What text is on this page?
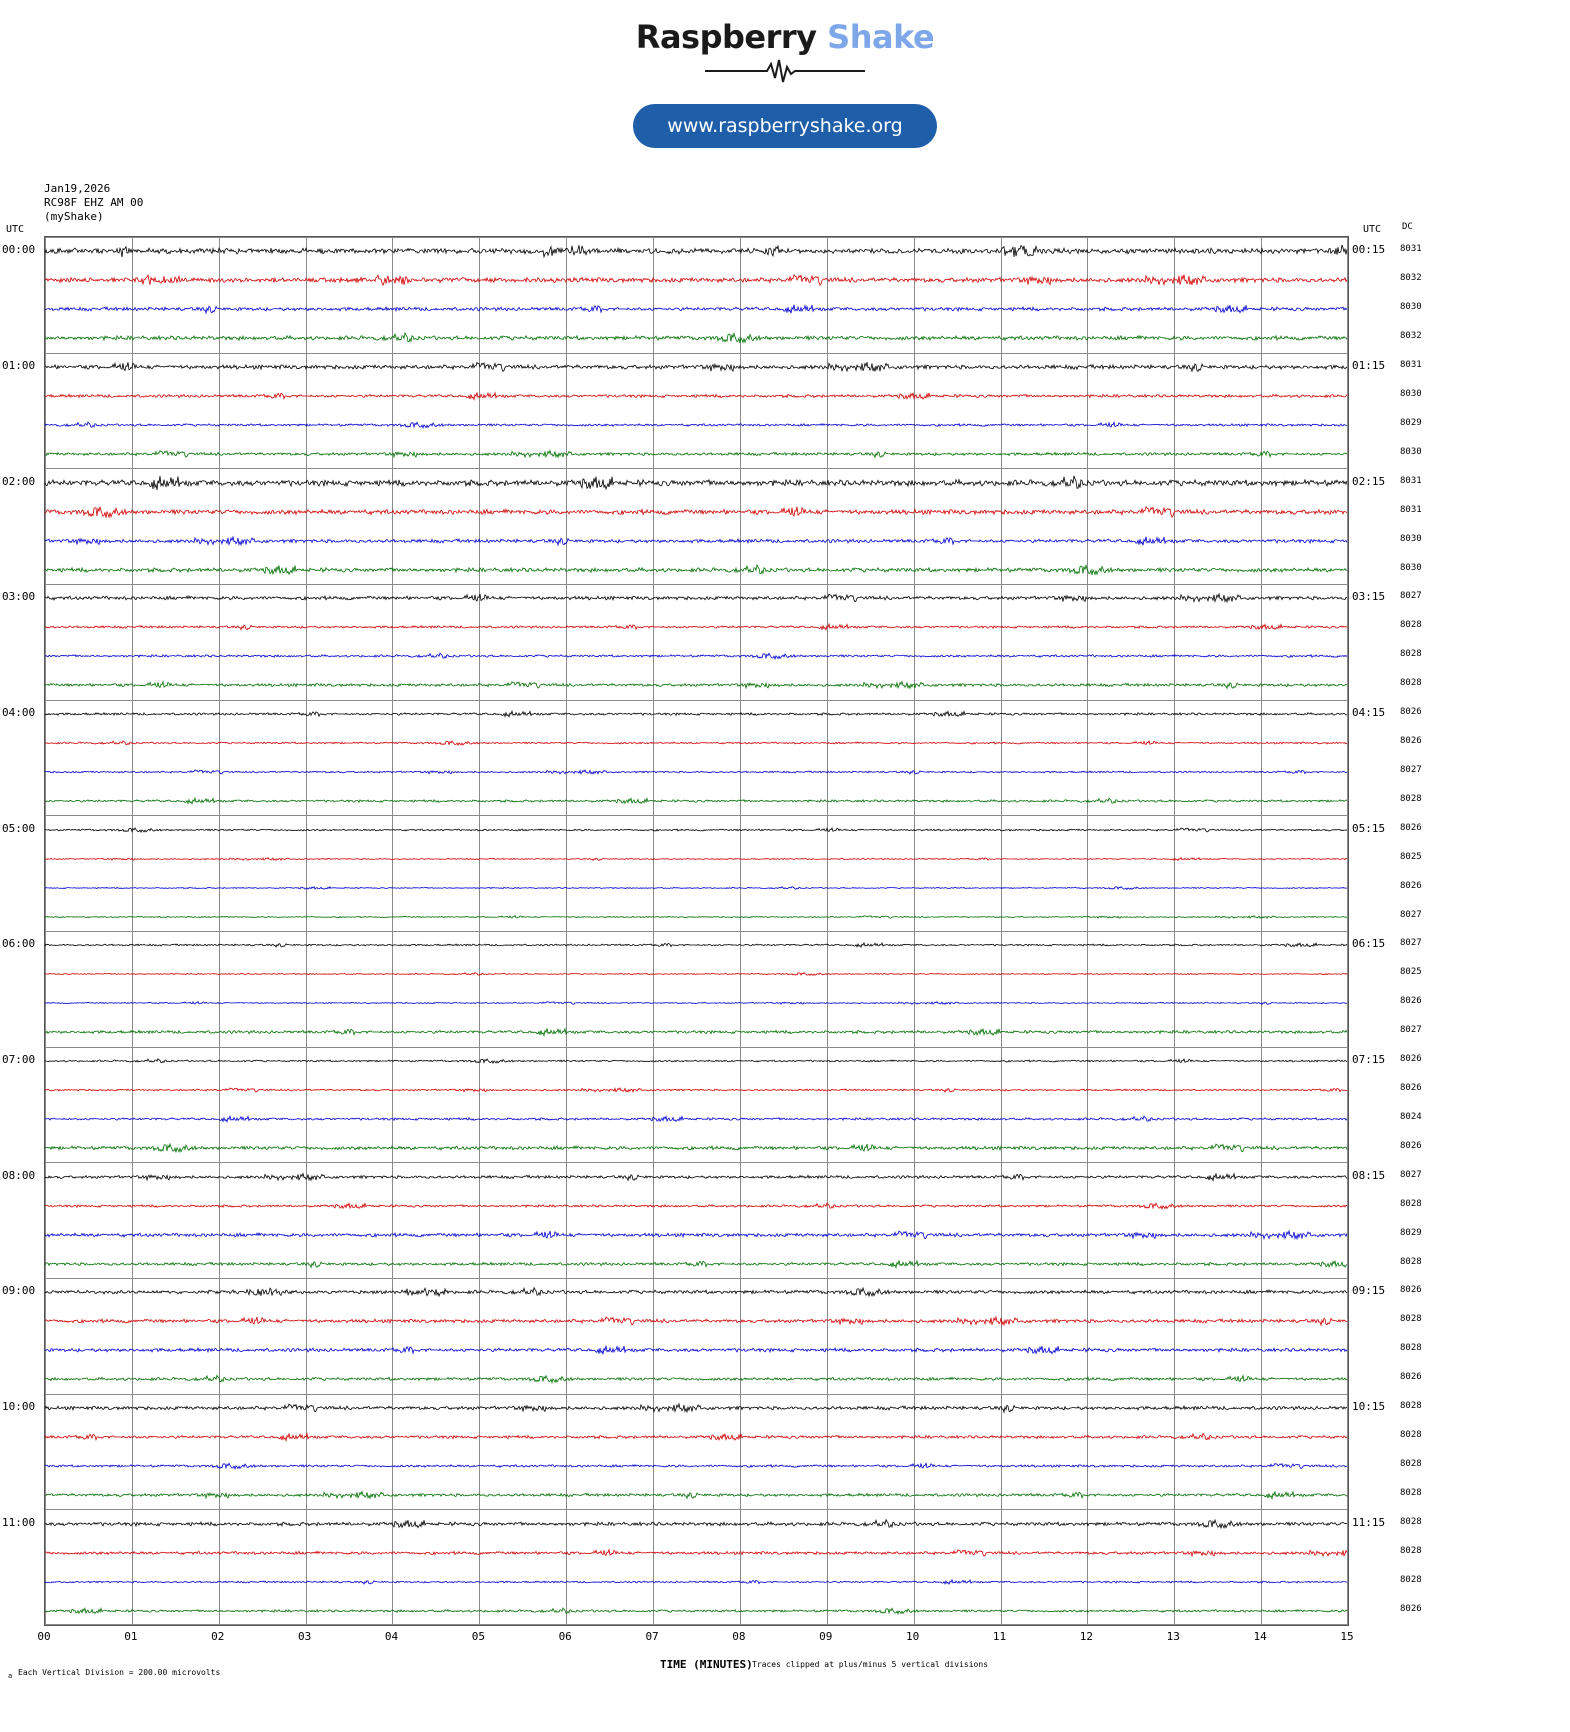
Raspberry Shake
www.raspberryshake.org
Jan19,2026
RC98F EHZ AM 00
(myShake)
UTC	UTC DC
00:00	00:15
01:00	01:15
02:00	02:15
03:00	03:15
04:00	04:15
05:00	05:15
06:00	06:15
07:00	07:15
08:00	08:15
09:00	09:15
10:00	10:15
11:00	11:15
8031
8032
8030
8032
8031
8030
8029
8030
8031
8031
8030
8030
8027
8028
8028
8028
8026
8026
8027
8028
8026
8025
8026
8027
8027
8025
8026
8027
8026
8026
8024
8026
8027
8028
8029
8028
8026
8028
8028
8026
8028
8028
8028
8028
8028
8028
8028
8026
00	01	02	03	04	05	06	07	08	09	10	11	12	13	14	15
TIME (MINUTES) Traces clipped at plus/minus 5 vertical divisions
Each Vertical Division = 200.00 microvolts
a
